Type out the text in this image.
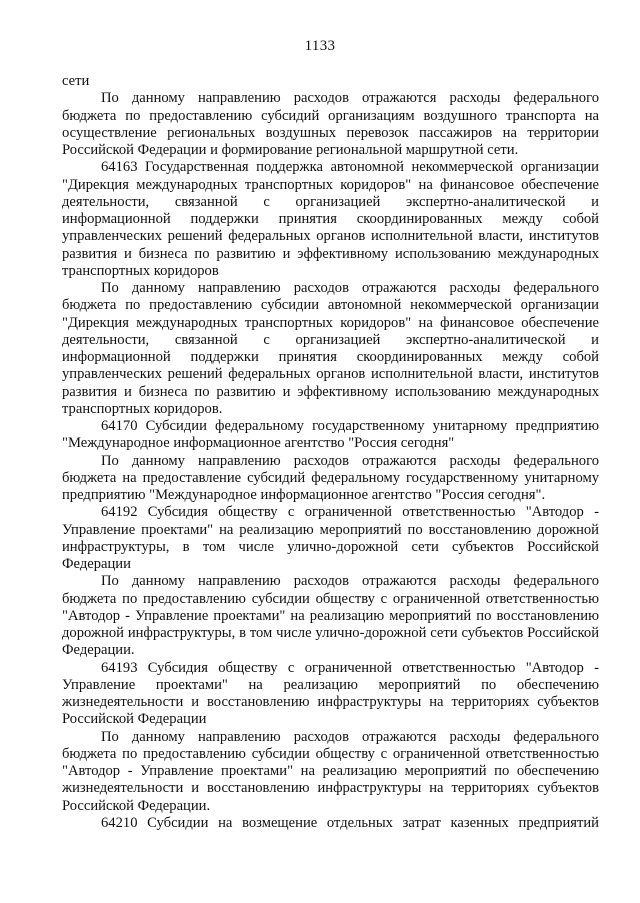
1133

сети

По данному направлению расходов отражаются расходы федерального бюджета по предоставлению субсидий организациям воздушного транспорта на осуществление региональных воздушных перевозок пассажиров на территории Российской Федерации и формирование региональной маршрутной сети.

64163 Государственная поддержка автономной некоммерческой организации "Дирекция международных транспортных коридоров" на финансовое обеспечение деятельности, связанной с организацией экспертно-аналитической и информационной поддержки принятия скоординированных между собой управленческих решений федеральных органов исполнительной власти, институтов развития и бизнеса по развитию и эффективному использованию международных транспортных коридоров

По данному направлению расходов отражаются расходы федерального бюджета по предоставлению субсидии автономной некоммерческой организации "Дирекция международных транспортных коридоров" на финансовое обеспечение деятельности, связанной с организацией экспертно-аналитической и информационной поддержки принятия скоординированных между собой управленческих решений федеральных органов исполнительной власти, институтов развития и бизнеса по развитию и эффективному использованию международных транспортных коридоров.

64170 Субсидии федеральному государственному унитарному предприятию "Международное информационное агентство "Россия сегодня"

По данному направлению расходов отражаются расходы федерального бюджета на предоставление субсидий федеральному государственному унитарному предприятию "Международное информационное агентство "Россия сегодня".

64192 Субсидия обществу с ограниченной ответственностью "Автодор - Управление проектами" на реализацию мероприятий по восстановлению дорожной инфраструктуры, в том числе улично-дорожной сети субъектов Российской Федерации

По данному направлению расходов отражаются расходы федерального бюджета по предоставлению субсидии обществу с ограниченной ответственностью "Автодор - Управление проектами" на реализацию мероприятий по восстановлению дорожной инфраструктуры, в том числе улично-дорожной сети субъектов Российской Федерации.

64193 Субсидия обществу с ограниченной ответственностью "Автодор - Управление проектами" на реализацию мероприятий по обеспечению жизнедеятельности и восстановлению инфраструктуры на территориях субъектов Российской Федерации

По данному направлению расходов отражаются расходы федерального бюджета по предоставлению субсидии обществу с ограниченной ответственностью "Автодор - Управление проектами" на реализацию мероприятий по обеспечению жизнедеятельности и восстановлению инфраструктуры на территориях субъектов Российской Федерации.

64210 Субсидии на возмещение отдельных затрат казенных предприятий
